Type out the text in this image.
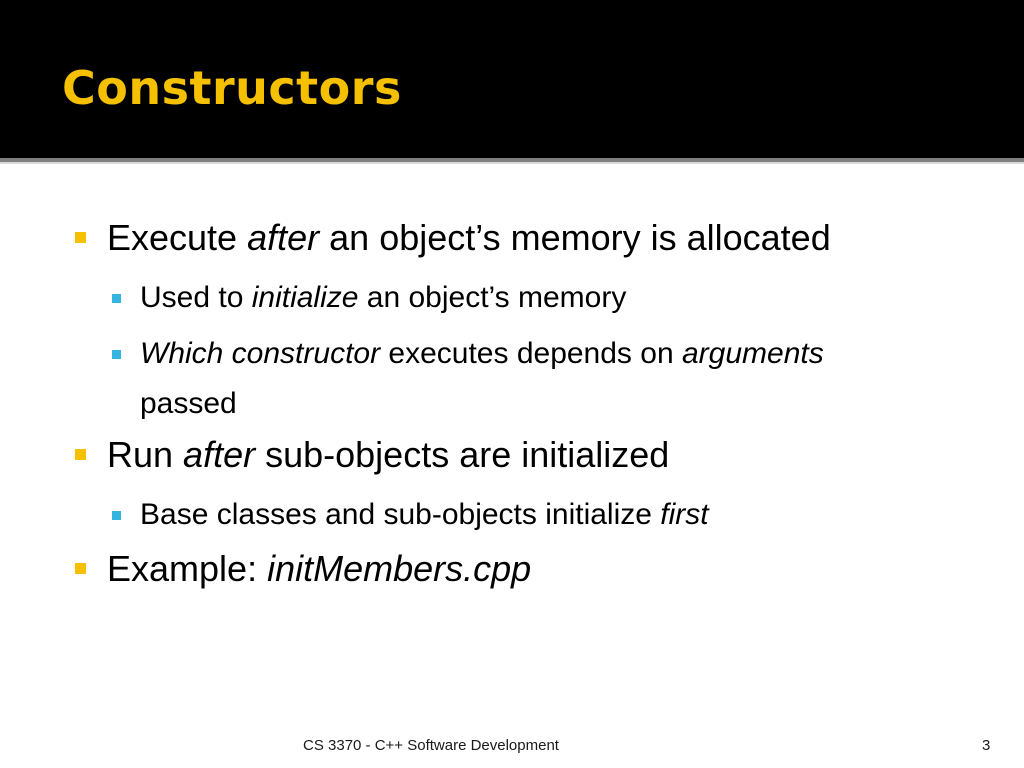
Constructors
Execute after an object’s memory is allocated
Used to initialize an object’s memory
Which constructor executes depends on arguments
passed
Run after sub-objects are initialized
Base classes and sub-objects initialize first
Example: initMembers.cpp
CS 3370 - C++ Software Development	3
